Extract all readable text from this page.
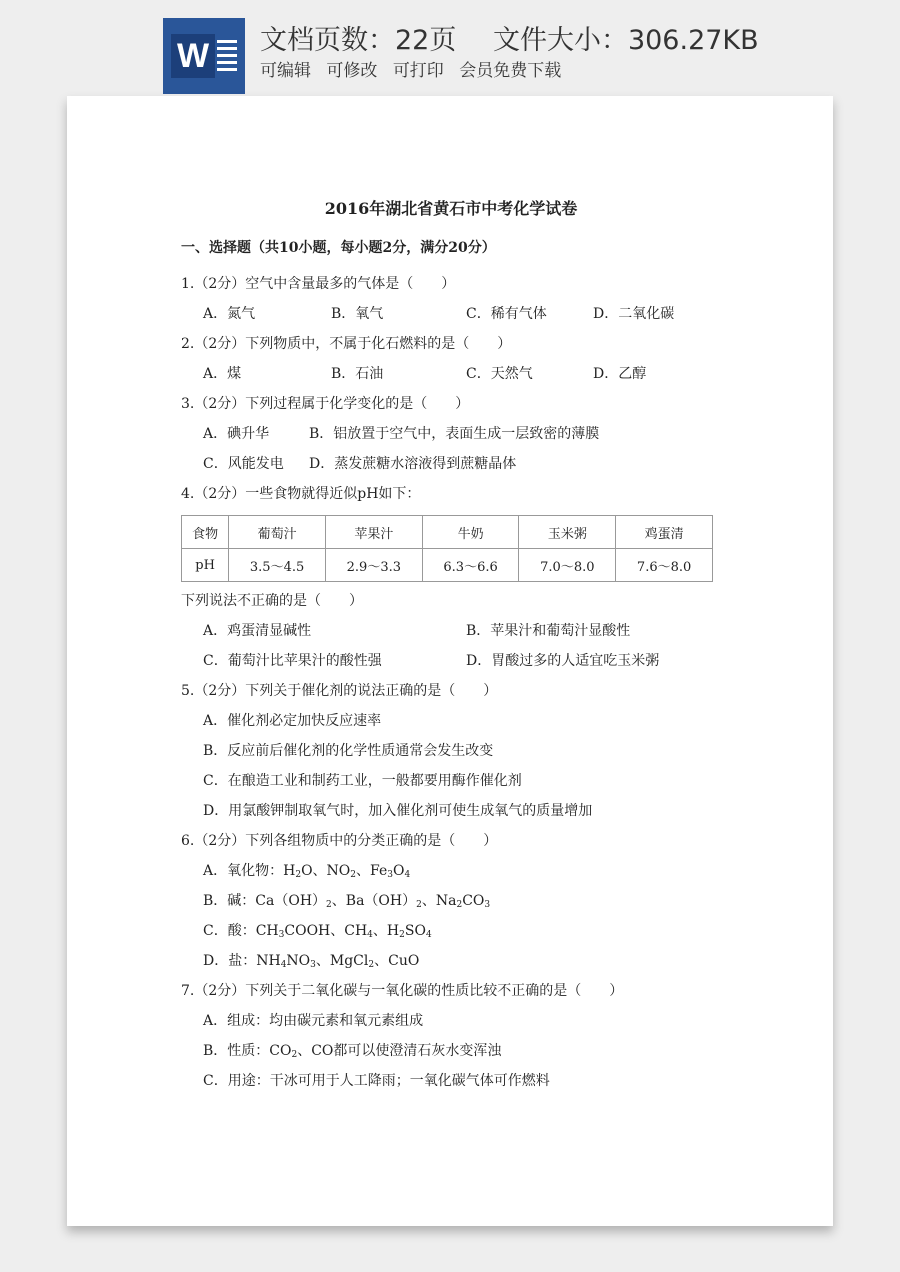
W 文档页数：22页 文件大小：306.27KB
可编辑 可修改 可打印 会员免费下载
2016年湖北省黄石市中考化学试卷
一、选择题（共10小题，每小题2分，满分20分）
1.（2分）空气中含量最多的气体是（　　）
A．氮气	B．氧气	C．稀有气体	D．二氧化碳
2.（2分）下列物质中，不属于化石燃料的是（　　）
A．煤	B．石油	C．天然气	D．乙醇
3.（2分）下列过程属于化学变化的是（　　）
A．碘升华	B．铝放置于空气中，表面生成一层致密的薄膜
C．风能发电 D．蒸发蔗糖水溶液得到蔗糖晶体
4.（2分）一些食物就得近似pH如下：
食物	葡萄汁	苹果汁	牛奶	玉米粥	鸡蛋清
pH	3.5～4.5	2.9～3.3	6.3～6.6	7.0～8.0	7.6～8.0
下列说法不正确的是（　　）
A．鸡蛋清显碱性	B．苹果汁和葡萄汁显酸性
C．葡萄汁比苹果汁的酸性强	D．胃酸过多的人适宜吃玉米粥
5.（2分）下列关于催化剂的说法正确的是（　　）
A．催化剂必定加快反应速率
B．反应前后催化剂的化学性质通常会发生改变
C．在酿造工业和制药工业，一般都要用酶作催化剂
D．用氯酸钾制取氧气时，加入催化剂可使生成氧气的质量增加
6.（2分）下列各组物质中的分类正确的是（　　）
A．氧化物：$H_2O$、$NO_2$、$Fe_3O_4$
B．碱：$Ca(OH)_2$、$Ba(OH)_2$、$Na_2CO_3$
C．酸：$CH_3COOH$、$CH_4$、$H_2SO_4$
D．盐：$NH_4NO_3$、MgCl$_2$、CuO
7.（2分）下列关于二氧化碳与一氧化碳的性质比较不正确的是（　　）
A．组成：均由碳元素和氧元素组成
B．性质：$CO_2$、CO都可以使澄清石灰水变浑浊
C．用途：干冰可用于人工降雨；一氧化碳气体可作燃料
